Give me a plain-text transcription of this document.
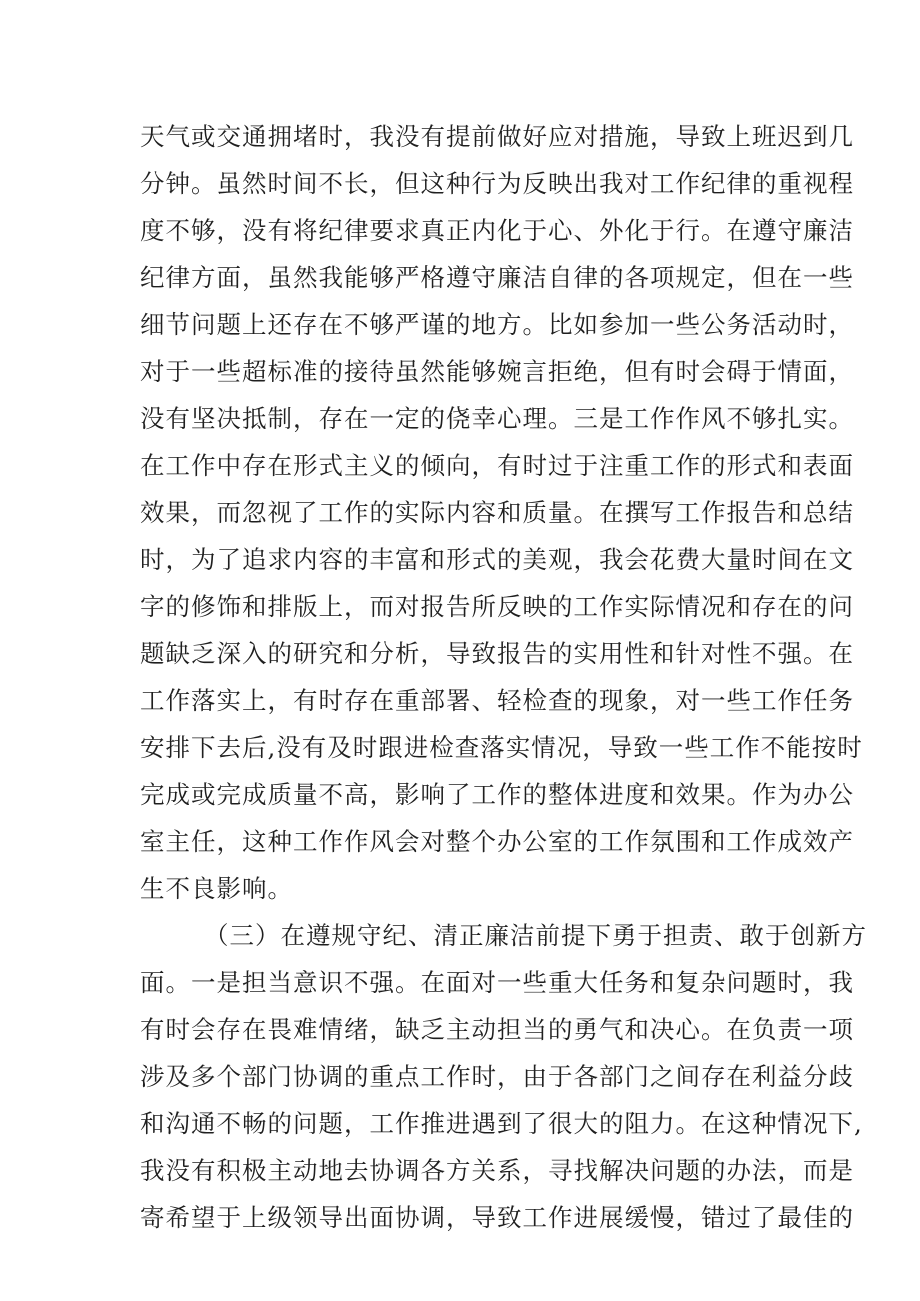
天气或交通拥堵时，我没有提前做好应对措施，导致上班迟到几

分钟。虽然时间不长，但这种行为反映出我对工作纪律的重视程

度不够，没有将纪律要求真正内化于心、外化于行。在遵守廉洁

纪律方面，虽然我能够严格遵守廉洁自律的各项规定，但在一些

细节问题上还存在不够严谨的地方。比如参加一些公务活动时，

对于一些超标准的接待虽然能够婉言拒绝，但有时会碍于情面，

没有坚决抵制，存在一定的侥幸心理。三是工作作风不够扎实。

在工作中存在形式主义的倾向，有时过于注重工作的形式和表面

效果，而忽视了工作的实际内容和质量。在撰写工作报告和总结

时，为了追求内容的丰富和形式的美观，我会花费大量时间在文

字的修饰和排版上，而对报告所反映的工作实际情况和存在的问

题缺乏深入的研究和分析，导致报告的实用性和针对性不强。在

工作落实上，有时存在重部署、轻检查的现象，对一些工作任务

安排下去后,没有及时跟进检查落实情况，导致一些工作不能按时

完成或完成质量不高，影响了工作的整体进度和效果。作为办公

室主任，这种工作作风会对整个办公室的工作氛围和工作成效产

生不良影响。

（三）在遵规守纪、清正廉洁前提下勇于担责、敢于创新方

面。一是担当意识不强。在面对一些重大任务和复杂问题时，我

有时会存在畏难情绪，缺乏主动担当的勇气和决心。在负责一项

涉及多个部门协调的重点工作时，由于各部门之间存在利益分歧

和沟通不畅的问题，工作推进遇到了很大的阻力。在这种情况下,

我没有积极主动地去协调各方关系，寻找解决问题的办法，而是

寄希望于上级领导出面协调，导致工作进展缓慢，错过了最佳的
